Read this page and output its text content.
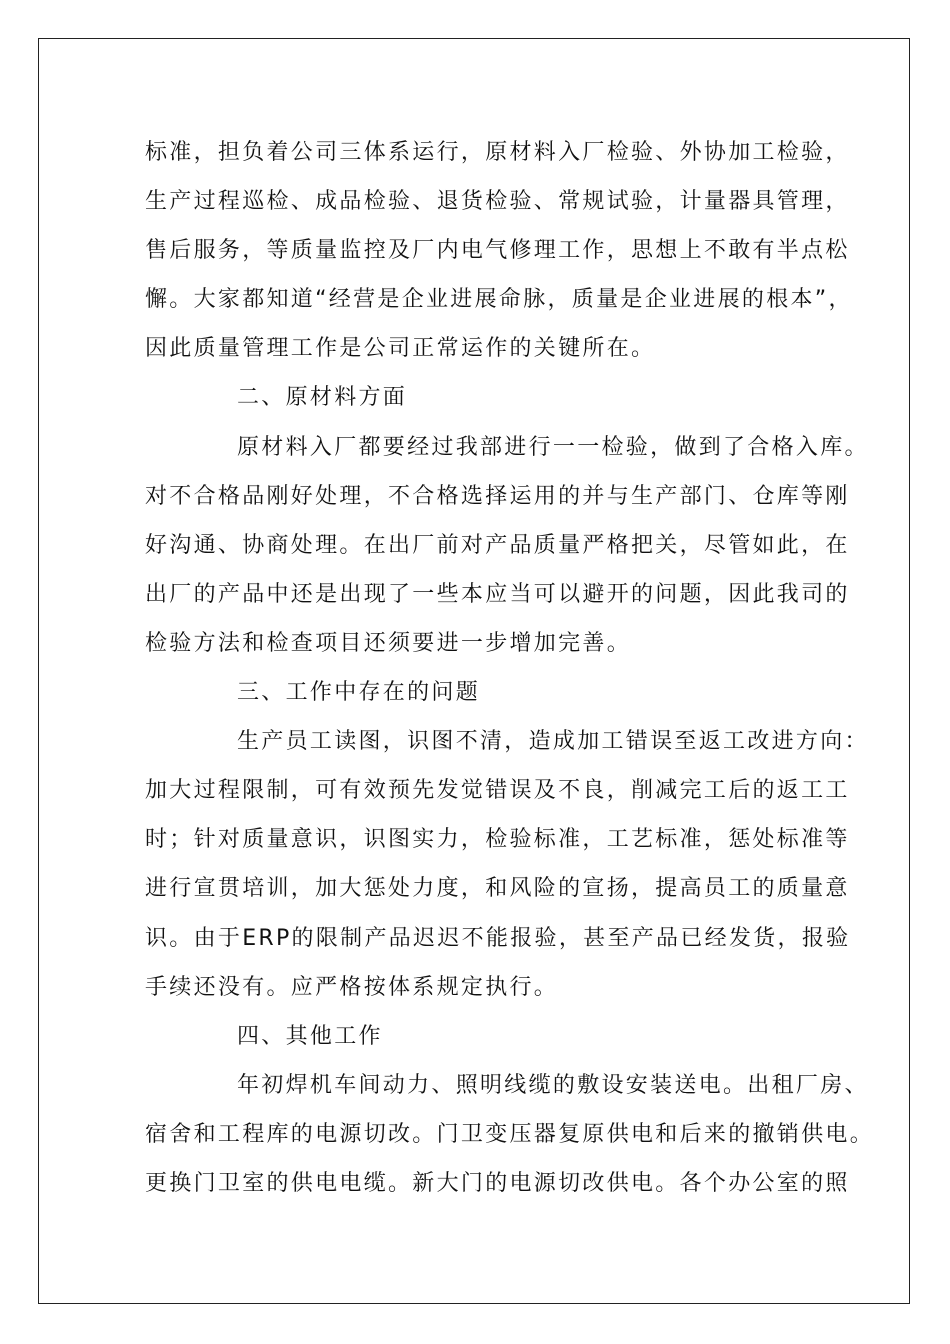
标准，担负着公司三体系运行，原材料入厂检验、外协加工检验，
生产过程巡检、成品检验、退货检验、常规试验，计量器具管理，
售后服务，等质量监控及厂内电气修理工作，思想上不敢有半点松
懈。大家都知道“经营是企业进展命脉，质量是企业进展的根本”，
因此质量管理工作是公司正常运作的关键所在。
二、原材料方面
原材料入厂都要经过我部进行一一检验，做到了合格入库。
对不合格品刚好处理，不合格选择运用的并与生产部门、仓库等刚
好沟通、协商处理。在出厂前对产品质量严格把关，尽管如此，在
出厂的产品中还是出现了一些本应当可以避开的问题，因此我司的
检验方法和检查项目还须要进一步增加完善。
三、工作中存在的问题
生产员工读图，识图不清，造成加工错误至返工改进方向：
加大过程限制，可有效预先发觉错误及不良，削减完工后的返工工
时；针对质量意识，识图实力，检验标准，工艺标准，惩处标准等
进行宣贯培训，加大惩处力度，和风险的宣扬，提高员工的质量意
识。由于ERP的限制产品迟迟不能报验，甚至产品已经发货，报验
手续还没有。应严格按体系规定执行。
四、其他工作
年初焊机车间动力、照明线缆的敷设安装送电。出租厂房、
宿舍和工程库的电源切改。门卫变压器复原供电和后来的撤销供电。
更换门卫室的供电电缆。新大门的电源切改供电。各个办公室的照
